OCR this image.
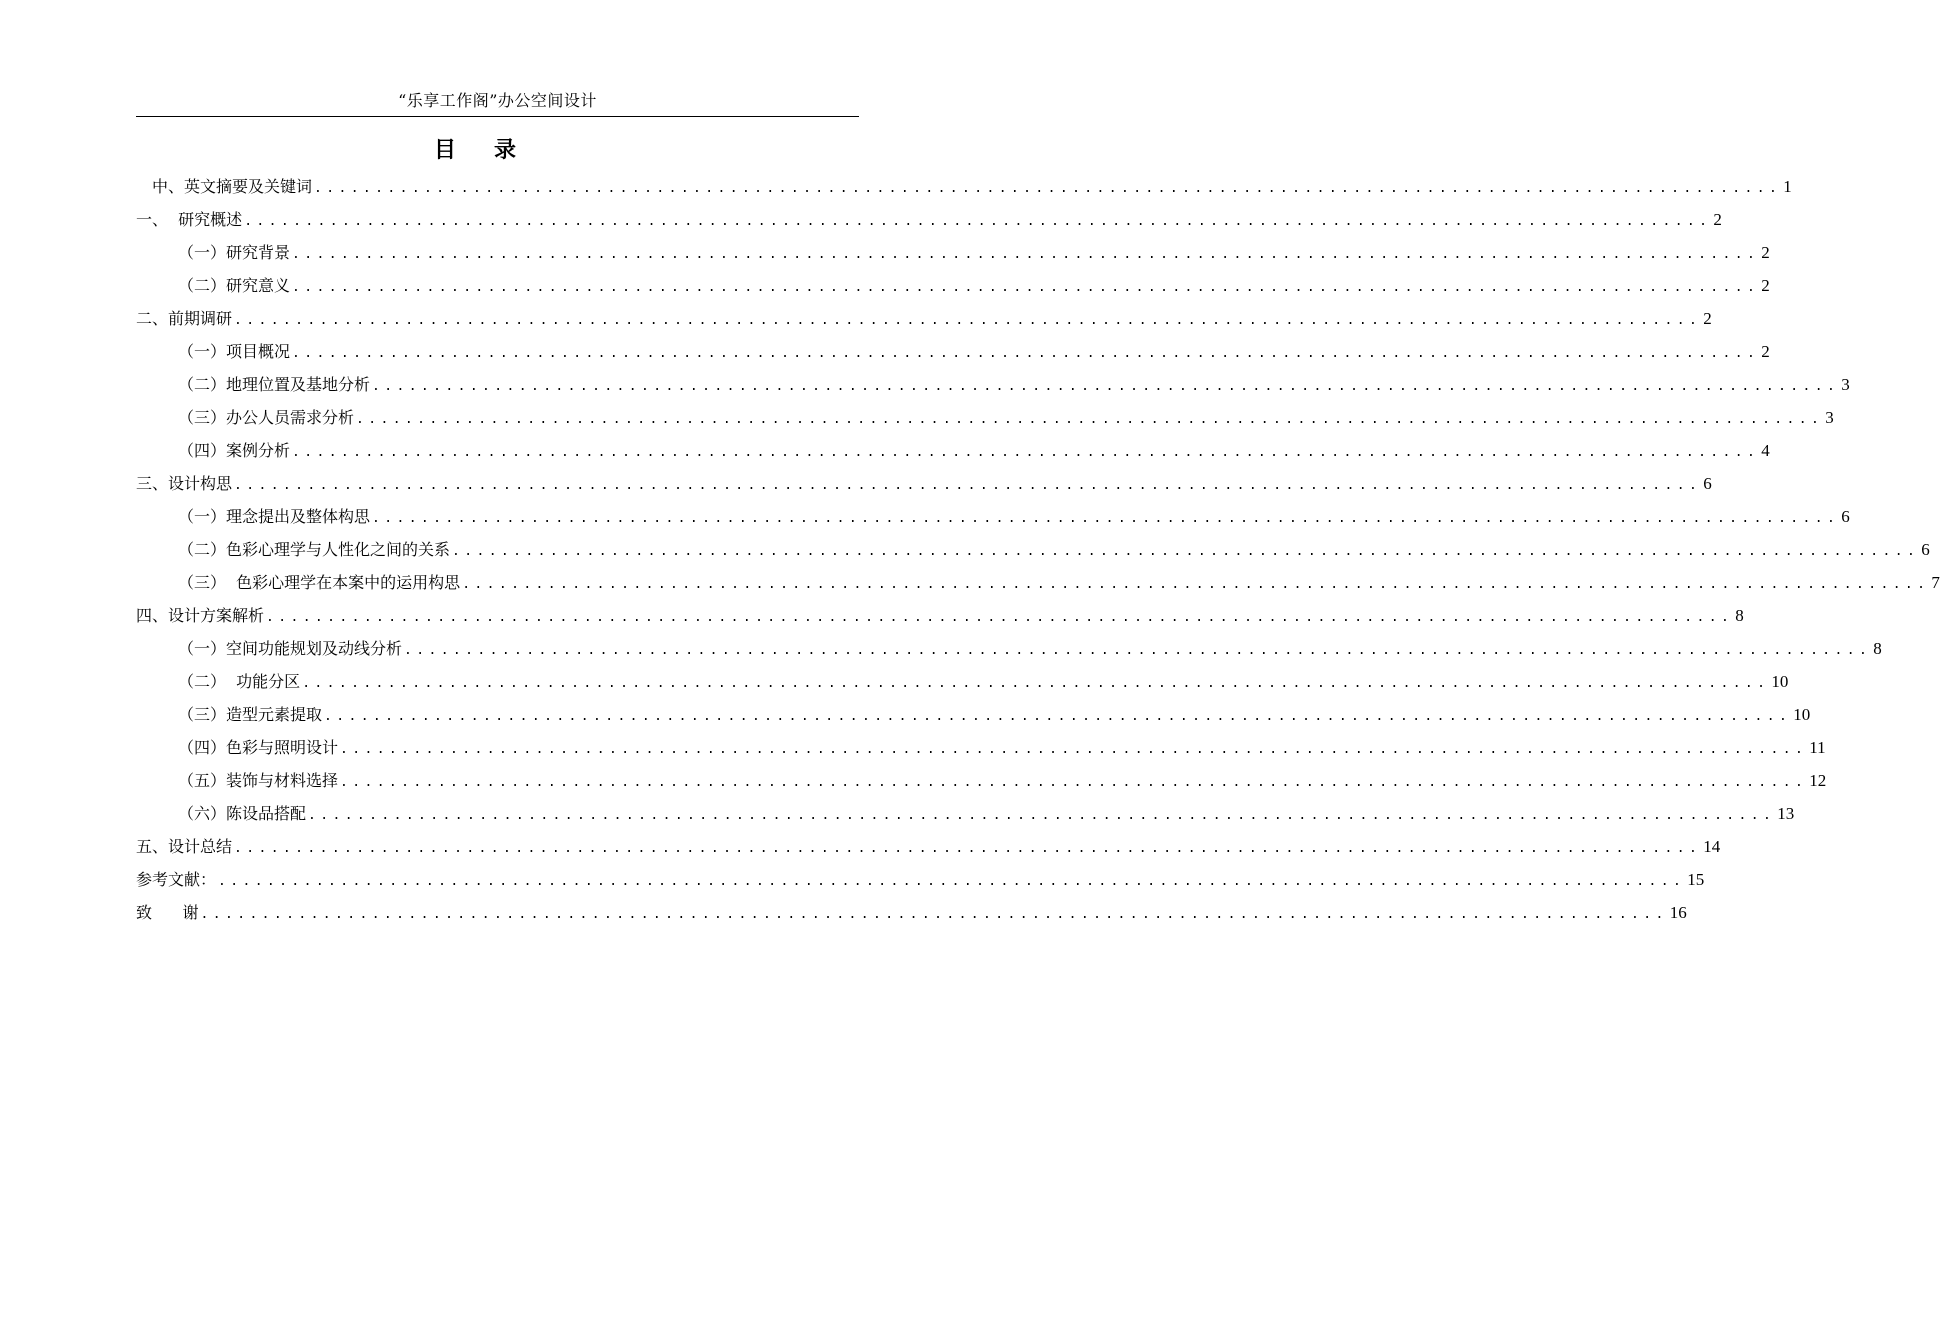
“乐享工作阁”办公空间设计
目 录
中、英文摘要及关键词 ........................................................................................................................ 1
一、  研究概述 ........................................................................................................................ 2
（一）研究背景 ........................................................................................................................ 2
（二）研究意义 ........................................................................................................................ 2
二、前期调研 ........................................................................................................................ 2
（一）项目概况 ........................................................................................................................ 2
（二）地理位置及基地分析 ........................................................................................................................ 3
（三）办公人员需求分析 ........................................................................................................................ 3
（四）案例分析 ........................................................................................................................ 4
三、设计构思 ........................................................................................................................ 6
（一）理念提出及整体构思 ........................................................................................................................ 6
（二）色彩心理学与人性化之间的关系 ........................................................................................................................ 6
（三）  色彩心理学在本案中的运用构思 ........................................................................................................................ 7
四、设计方案解析 ........................................................................................................................ 8
（一）空间功能规划及动线分析 ........................................................................................................................ 8
（二）  功能分区 ........................................................................................................................ 10
（三）造型元素提取 ........................................................................................................................ 10
（四）色彩与照明设计 ........................................................................................................................ 11
（五）装饰与材料选择 ........................................................................................................................ 12
（六）陈设品搭配 ........................................................................................................................ 13
五、设计总结 ........................................................................................................................ 14
参考文献： ........................................................................................................................ 15
致      谢 ........................................................................................................................ 16
